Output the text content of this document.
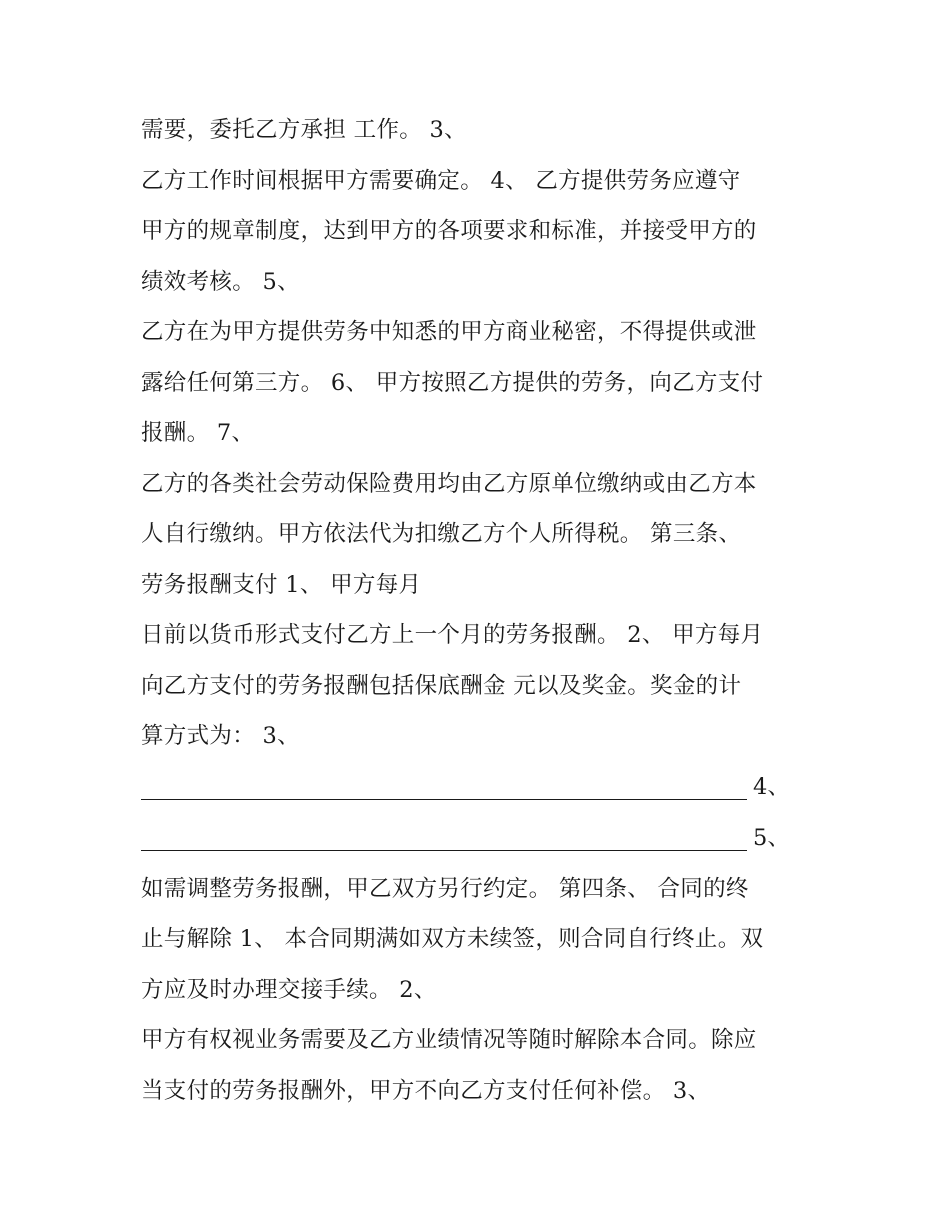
需要，委托乙方承担 工作。 3、
乙方工作时间根据甲方需要确定。 4、 乙方提供劳务应遵守
甲方的规章制度，达到甲方的各项要求和标准，并接受甲方的
绩效考核。 5、
乙方在为甲方提供劳务中知悉的甲方商业秘密，不得提供或泄
露给任何第三方。 6、 甲方按照乙方提供的劳务，向乙方支付
报酬。 7、
乙方的各类社会劳动保险费用均由乙方原单位缴纳或由乙方本
人自行缴纳。甲方依法代为扣缴乙方个人所得税。 第三条、
劳务报酬支付 1、 甲方每月
日前以货币形式支付乙方上一个月的劳务报酬。 2、 甲方每月
向乙方支付的劳务报酬包括保底酬金 元以及奖金。奖金的计
算方式为： 3、
4、
5、
如需调整劳务报酬，甲乙双方另行约定。 第四条、 合同的终
止与解除 1、 本合同期满如双方未续签，则合同自行终止。双
方应及时办理交接手续。 2、
甲方有权视业务需要及乙方业绩情况等随时解除本合同。除应
当支付的劳务报酬外，甲方不向乙方支付任何补偿。 3、
